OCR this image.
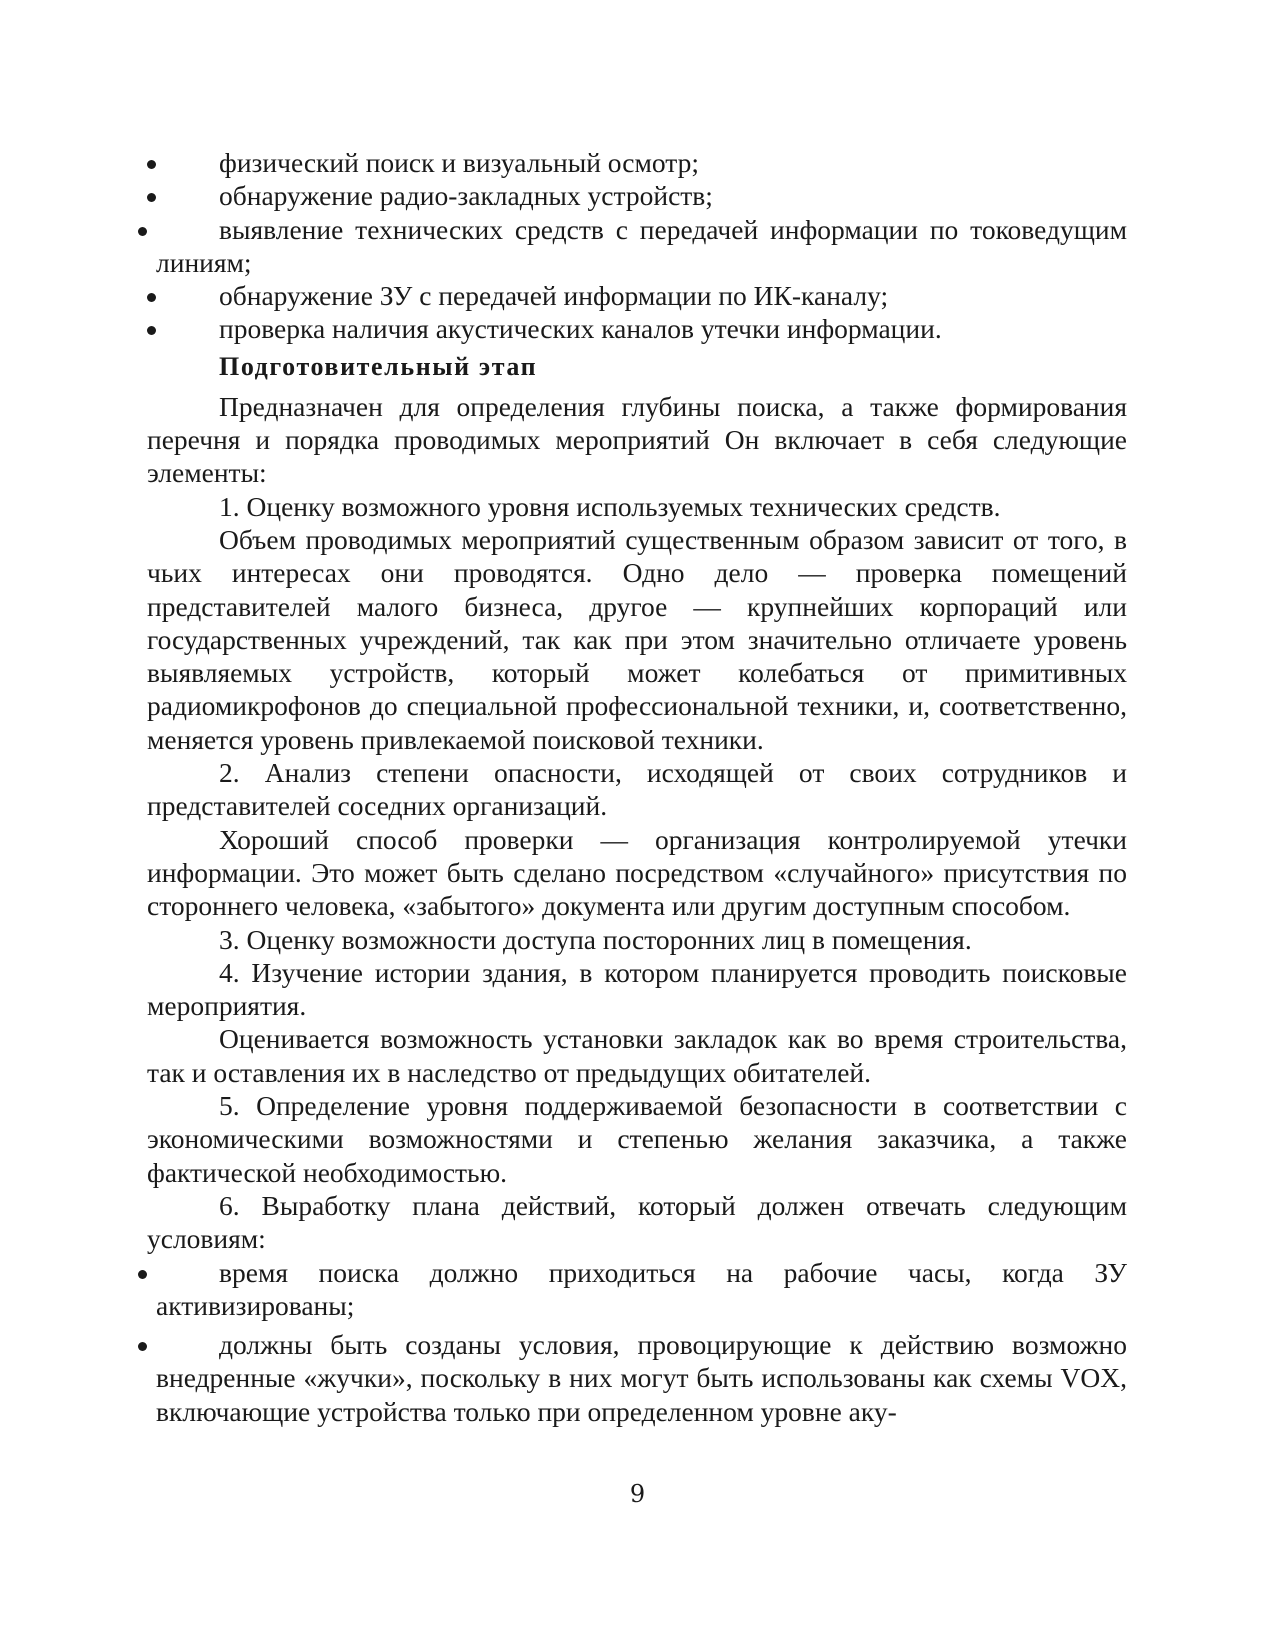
физический поиск и визуальный осмотр;
обнаружение радио-закладных устройств;
выявление технических средств с передачей информации по токоведущим линиям;
обнаружение ЗУ с передачей информации по ИК-каналу;
проверка наличия акустических каналов утечки информации.
Подготовительный этап

Предназначен для определения глубины поиска, а также формирования перечня и порядка проводимых мероприятий Он включает в себя следующие элементы:

1. Оценку возможного уровня используемых технических средств.

Объем проводимых мероприятий существенным образом зависит от того, в чьих интересах они проводятся. Одно дело — проверка помещений представителей малого бизнеса, другое — крупнейших корпораций или государственных учреждений, так как при этом значительно отличаете уровень выявляемых устройств, который может колебаться от примитивных радиомикрофонов до специальной профессиональной техники, и, соответственно, меняется уровень привлекаемой поисковой техники.

2. Анализ степени опасности, исходящей от своих сотрудников и представителей соседних организаций.

Хороший способ проверки — организация контролируемой утечки информации. Это может быть сделано посредством «случайного» присутствия по стороннего человека, «забытого» документа или другим доступным способом.

3. Оценку возможности доступа посторонних лиц в помещения.

4. Изучение истории здания, в котором планируется проводить поисковые мероприятия.

Оценивается возможность установки закладок как во время строительства, так и оставления их в наследство от предыдущих обитателей.

5. Определение уровня поддерживаемой безопасности в соответствии с экономическими возможностями и степенью желания заказчика, а также фактической необходимостью.

6. Выработку плана действий, который должен отвечать следующим условиям:

время поиска должно приходиться на рабочие часы, когда ЗУ активизированы;
должны быть созданы условия, провоцирующие к действию возможно внедренные «жучки», поскольку в них могут быть использованы как схемы VOX, включающие устройства только при определенном уровне аку-
9
